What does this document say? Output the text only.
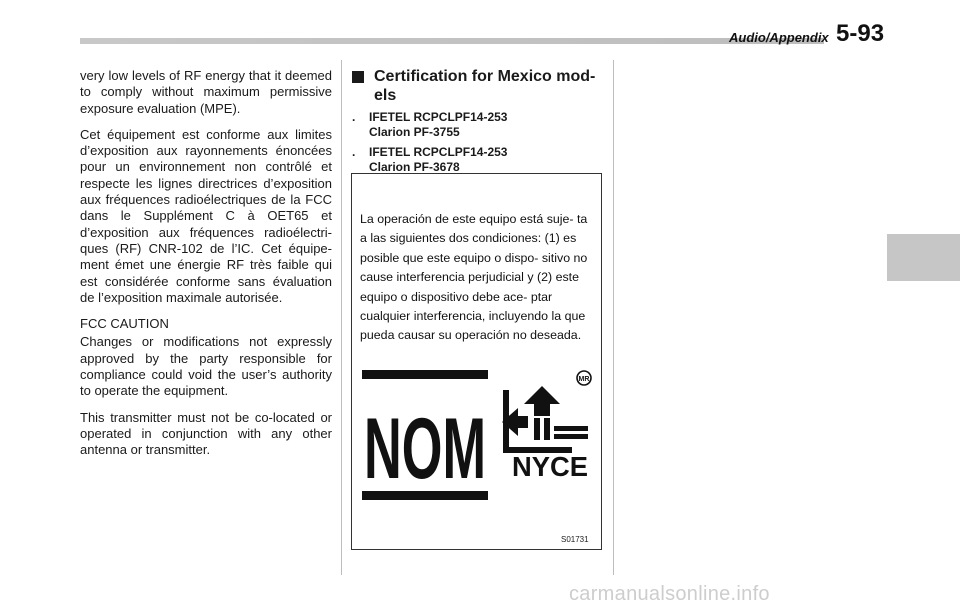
Audio/Appendix 5-93

very low levels of RF energy that it deemed to comply without maximum permissive exposure evaluation (MPE).

Cet équipement est conforme aux limites d’exposition aux rayonnements énoncées pour un environnement non contrôlé et respecte les lignes directrices d’exposition aux fréquences radioélectriques de la FCC dans le Supplément C à OET65 et d’exposition aux fréquences radioélectri- ques (RF) CNR-102 de l’IC. Cet équipe- ment émet une énergie RF très faible qui est considérée conforme sans évaluation de l’exposition maximale autorisée.

FCC CAUTION

Changes or modifications not expressly approved by the party responsible for compliance could void the user’s authority to operate the equipment.

This transmitter must not be co-located or operated in conjunction with any other antenna or transmitter.

Certification for Mexico mod- els
. IFETEL RCPCLPF14-253
Clarion PF-3755
. IFETEL RCPCLPF14-253
Clarion PF-3678
La operación de este equipo está suje- ta a las siguientes dos condiciones: (1) es posible que este equipo o dispo- sitivo no cause interferencia perjudicial y (2) este equipo o dispositivo debe ace- ptar cualquier interferencia, incluyendo la que pueda causar su operación no deseada.
NOM
MR
NYCE
S01731
carmanualsonline.info
